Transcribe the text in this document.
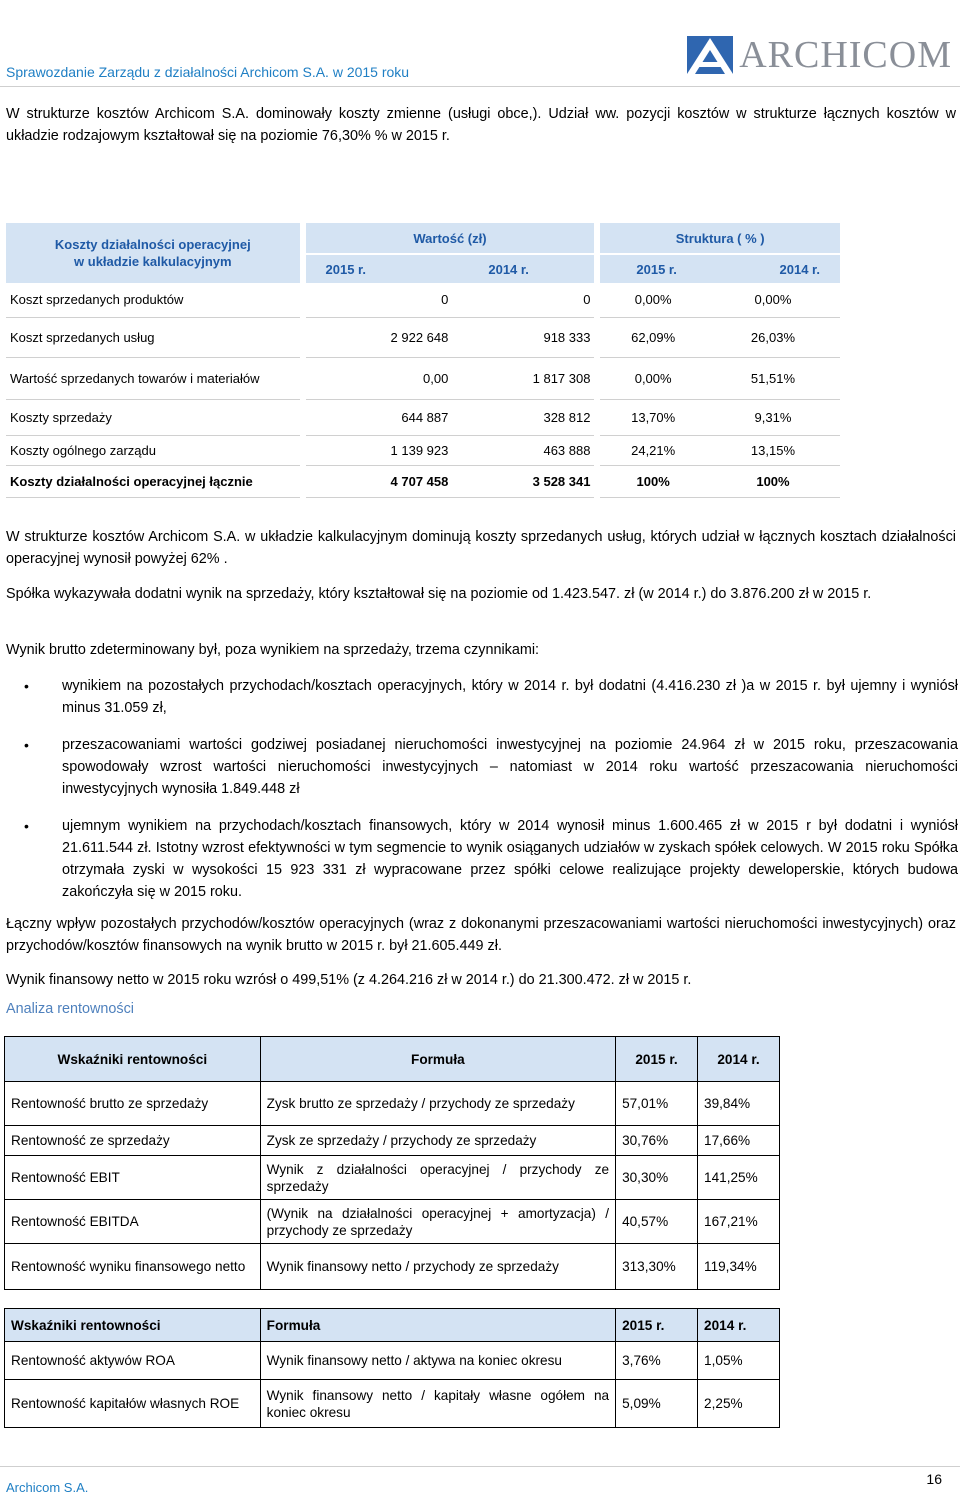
Sprawozdanie Zarządu z działalności Archicom S.A. w 2015 roku	ARCHICOM

W strukturze kosztów Archicom S.A. dominowały koszty zmienne (usługi obce,). Udział ww. pozycji kosztów w strukturze łącznych kosztów w układzie rodzajowym kształtował się na poziomie 76,30% % w 2015 r.

Koszty działalności operacyjnej
w układzie kalkulacyjnym		Wartość (zł)			Struktura ( % )	
		2015 r.	2014 r.		2015 r.	2014 r.
Koszt sprzedanych produktów		0	0		0,00%	0,00%
Koszt sprzedanych usług		2 922 648	918 333		62,09%	26,03%
Wartość sprzedanych towarów i materiałów		0,00	1 817 308		0,00%	51,51%
Koszty sprzedaży		644 887	328 812		13,70%	9,31%
Koszty ogólnego zarządu		1 139 923	463 888		24,21%	13,15%
Koszty działalności operacyjnej łącznie		4 707 458	3 528 341		100%	100%

W strukturze kosztów Archicom S.A. w układzie kalkulacyjnym dominują koszty sprzedanych usług, których udział w łącznych kosztach działalności operacyjnej wynosił powyżej 62% .

Spółka wykazywała dodatni wynik na sprzedaży, który kształtował się na poziomie od 1.423.547. zł (w 2014 r.) do 3.876.200 zł w 2015 r.

Wynik brutto zdeterminowany był, poza wynikiem na sprzedaży, trzema czynnikami:

• wynikiem na pozostałych przychodach/kosztach operacyjnych, który w 2014 r. był dodatni (4.416.230 zł )a w 2015 r. był ujemny i wyniósł minus 31.059 zł,
• przeszacowaniami wartości godziwej posiadanej nieruchomości inwestycyjnej na poziomie 24.964 zł w 2015 roku, przeszacowania spowodowały wzrost wartości nieruchomości inwestycyjnych – natomiast w 2014 roku wartość przeszacowania nieruchomości inwestycyjnych wynosiła 1.849.448 zł
• ujemnym wynikiem na przychodach/kosztach finansowych, który w 2014 wynosił minus 1.600.465 zł w 2015 r był dodatni i wyniósł 21.611.544 zł. Istotny wzrost efektywności w tym segmencie to wynik osiąganych udziałów w zyskach spółek celowych. W 2015 roku Spółka otrzymała zyski w wysokości 15 923 331 zł wypracowane przez spółki celowe realizujące projekty deweloperskie, których budowa zakończyła się w 2015 roku.

Łączny wpływ pozostałych przychodów/kosztów operacyjnych (wraz z dokonanymi przeszacowaniami wartości nieruchomości inwestycyjnych) oraz przychodów/kosztów finansowych na wynik brutto w 2015 r. był 21.605.449 zł.

Wynik finansowy netto w 2015 roku wzrósł o 499,51% (z 4.264.216 zł w 2014 r.) do 21.300.472. zł w 2015 r.

Analiza rentowności
Wskaźniki rentowności	Formuła	2015 r.	2014 r.
Rentowność brutto ze sprzedaży	Zysk brutto ze sprzedaży / przychody ze sprzedaży	57,01%	39,84%
Rentowność ze sprzedaży	Zysk ze sprzedaży / przychody ze sprzedaży	30,76%	17,66%
Rentowność EBIT	Wynik z działalności operacyjnej / przychody ze sprzedaży	30,30%	141,25%
Rentowność EBITDA	(Wynik na działalności operacyjnej + amortyzacja) / przychody ze sprzedaży	40,57%	167,21%
Rentowność wyniku finansowego netto	Wynik finansowy netto / przychody ze sprzedaży	313,30%	119,34%
Wskaźniki rentowności	Formuła	2015 r.	2014 r.
Rentowność aktywów ROA	Wynik finansowy netto / aktywa na koniec okresu	3,76%	1,05%
Rentowność kapitałów własnych ROE	Wynik finansowy netto / kapitały własne ogółem na koniec okresu	5,09%	2,25%
Archicom S.A.
16
